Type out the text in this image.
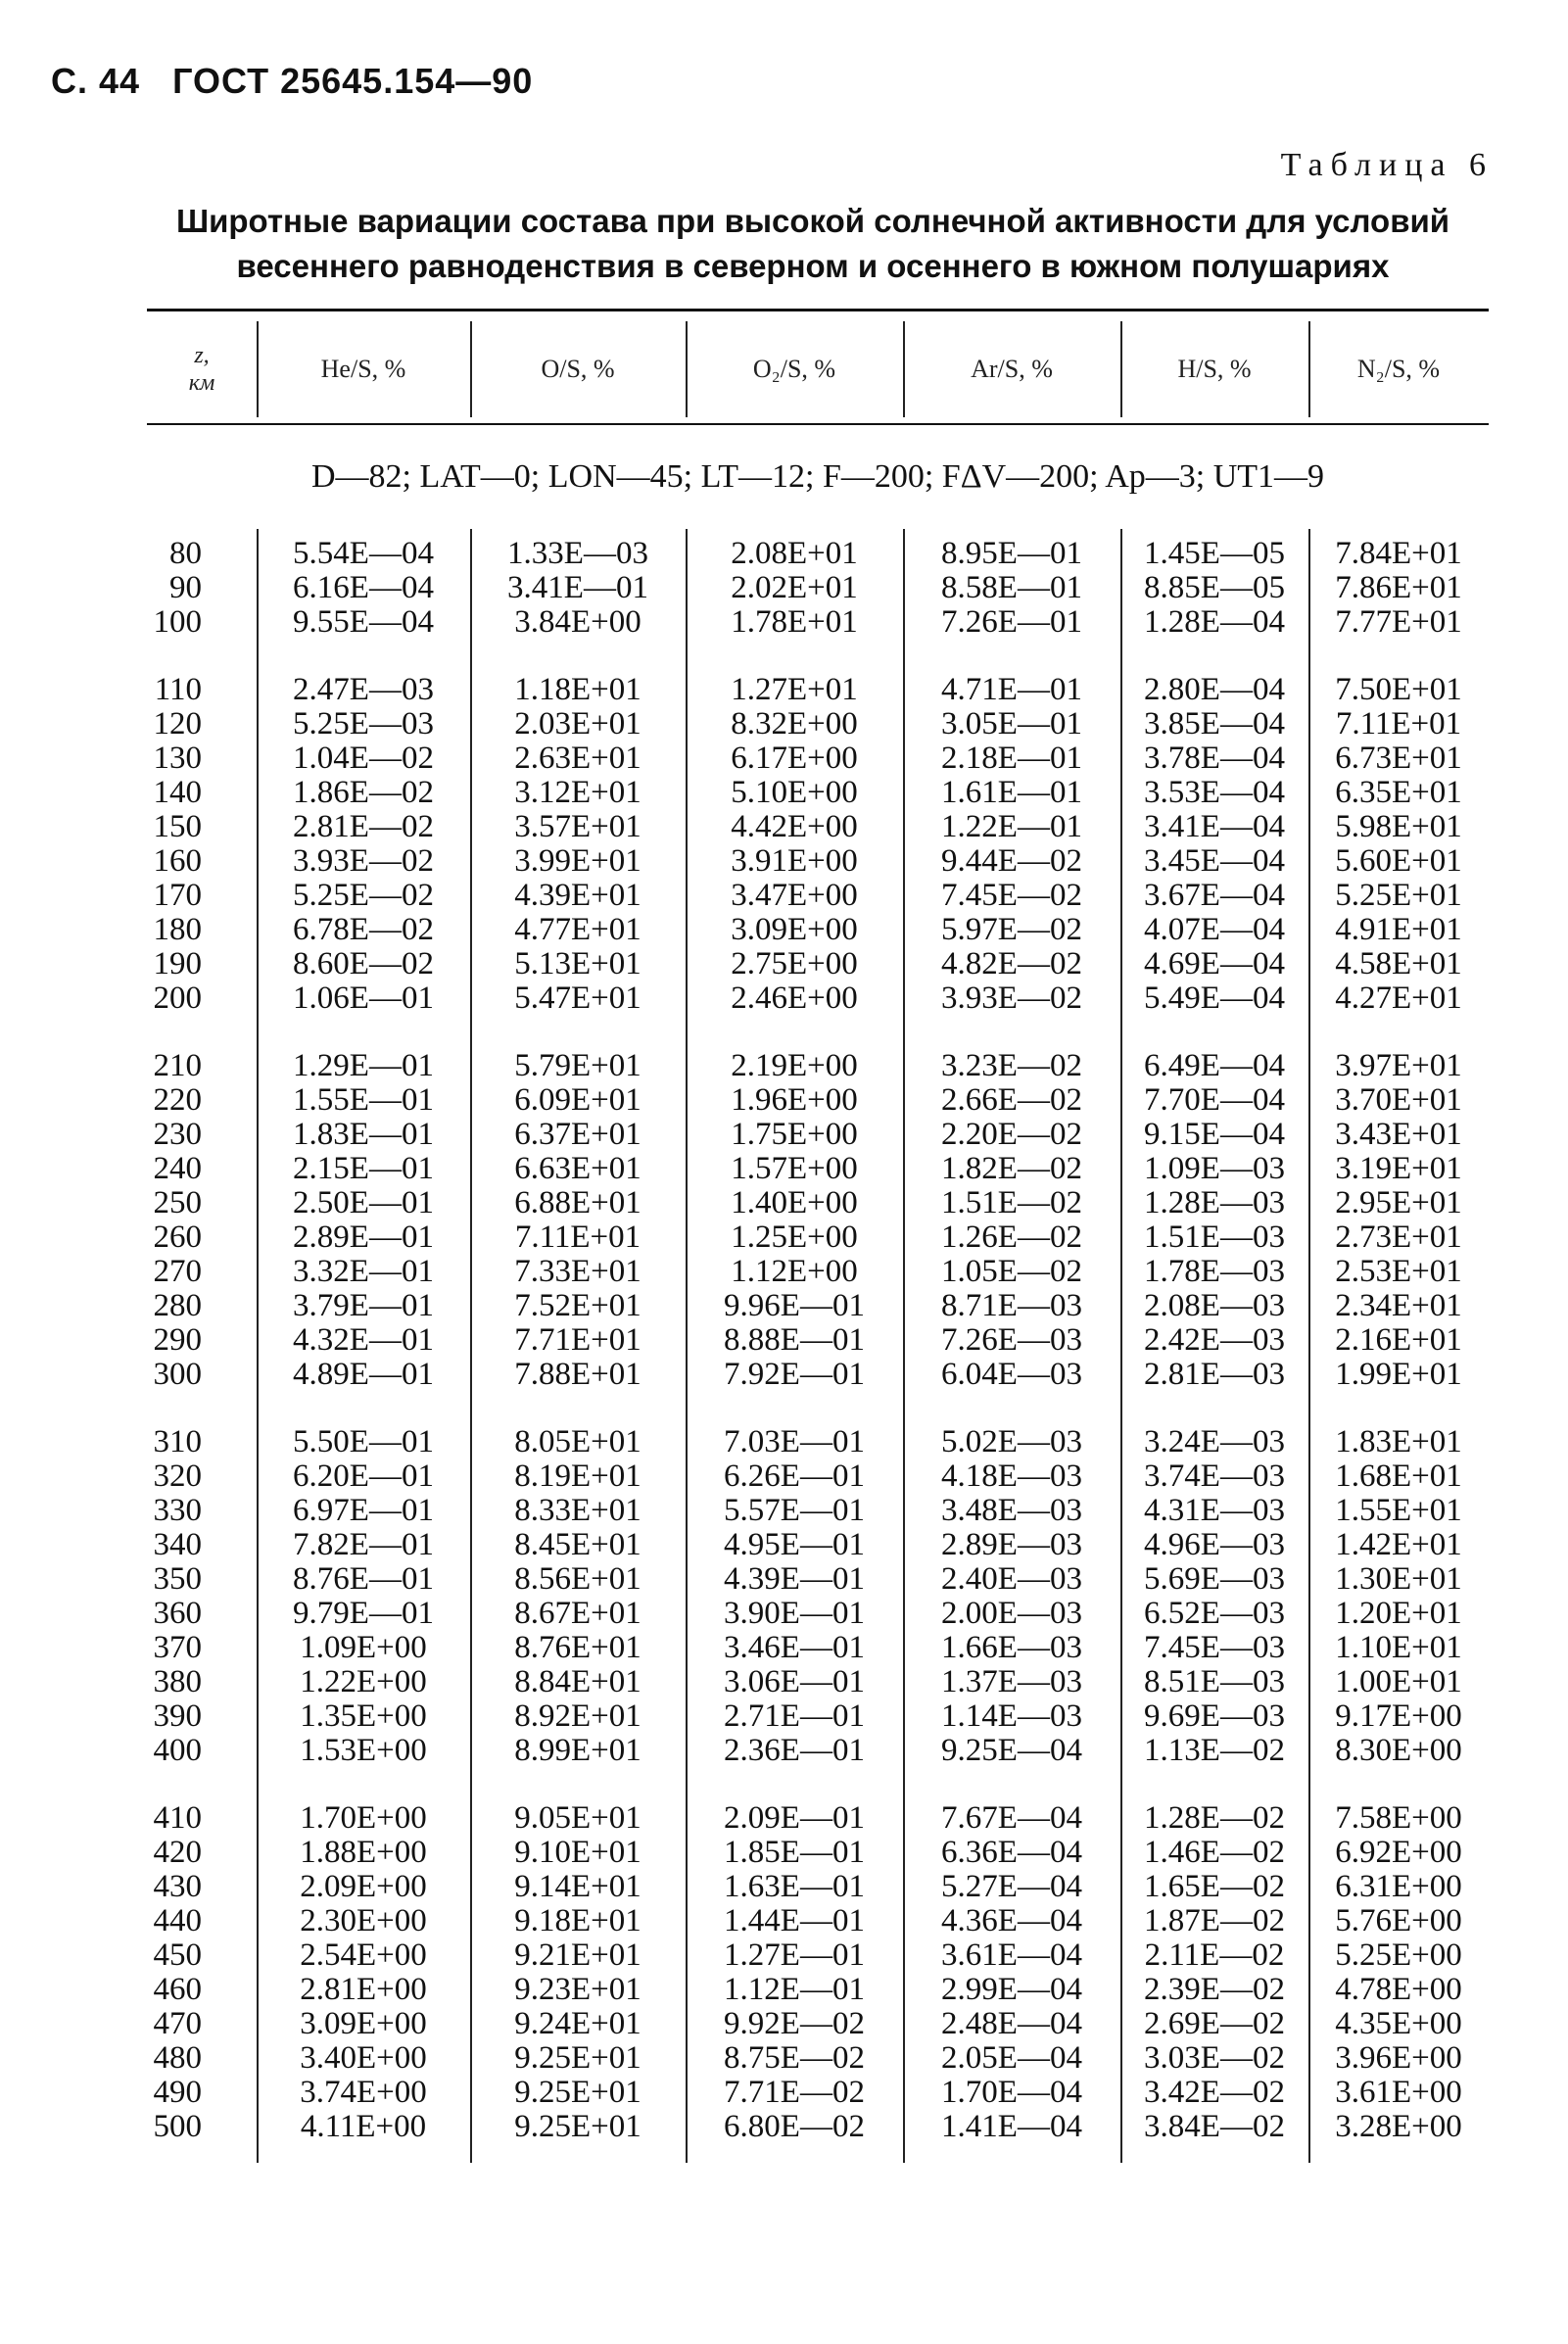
С. 44 ГОСТ 25645.154—90
Таблица 6
Широтные вариации состава при высокой солнечной активности для условий
весеннего равноденствия в северном и осеннего в южном полушариях
z,
км	He/S, %	O/S, %	O₂/S, %	Ar/S, %	H/S, %	N₂/S, %
D—82; LAT—0; LON—45; LT—12; F—200; FΔV—200; Ap—3; UT1—9
80	5.54E—04	1.33E—03	2.08E+01	8.95E—01	1.45E—05	7.84E+01
90	6.16E—04	3.41E—01	2.02E+01	8.58E—01	8.85E—05	7.86E+01
100	9.55E—04	3.84E+00	1.78E+01	7.26E—01	1.28E—04	7.77E+01
110	2.47E—03	1.18E+01	1.27E+01	4.71E—01	2.80E—04	7.50E+01
120	5.25E—03	2.03E+01	8.32E+00	3.05E—01	3.85E—04	7.11E+01
130	1.04E—02	2.63E+01	6.17E+00	2.18E—01	3.78E—04	6.73E+01
140	1.86E—02	3.12E+01	5.10E+00	1.61E—01	3.53E—04	6.35E+01
150	2.81E—02	3.57E+01	4.42E+00	1.22E—01	3.41E—04	5.98E+01
160	3.93E—02	3.99E+01	3.91E+00	9.44E—02	3.45E—04	5.60E+01
170	5.25E—02	4.39E+01	3.47E+00	7.45E—02	3.67E—04	5.25E+01
180	6.78E—02	4.77E+01	3.09E+00	5.97E—02	4.07E—04	4.91E+01
190	8.60E—02	5.13E+01	2.75E+00	4.82E—02	4.69E—04	4.58E+01
200	1.06E—01	5.47E+01	2.46E+00	3.93E—02	5.49E—04	4.27E+01
210	1.29E—01	5.79E+01	2.19E+00	3.23E—02	6.49E—04	3.97E+01
220	1.55E—01	6.09E+01	1.96E+00	2.66E—02	7.70E—04	3.70E+01
230	1.83E—01	6.37E+01	1.75E+00	2.20E—02	9.15E—04	3.43E+01
240	2.15E—01	6.63E+01	1.57E+00	1.82E—02	1.09E—03	3.19E+01
250	2.50E—01	6.88E+01	1.40E+00	1.51E—02	1.28E—03	2.95E+01
260	2.89E—01	7.11E+01	1.25E+00	1.26E—02	1.51E—03	2.73E+01
270	3.32E—01	7.33E+01	1.12E+00	1.05E—02	1.78E—03	2.53E+01
280	3.79E—01	7.52E+01	9.96E—01	8.71E—03	2.08E—03	2.34E+01
290	4.32E—01	7.71E+01	8.88E—01	7.26E—03	2.42E—03	2.16E+01
300	4.89E—01	7.88E+01	7.92E—01	6.04E—03	2.81E—03	1.99E+01
310	5.50E—01	8.05E+01	7.03E—01	5.02E—03	3.24E—03	1.83E+01
320	6.20E—01	8.19E+01	6.26E—01	4.18E—03	3.74E—03	1.68E+01
330	6.97E—01	8.33E+01	5.57E—01	3.48E—03	4.31E—03	1.55E+01
340	7.82E—01	8.45E+01	4.95E—01	2.89E—03	4.96E—03	1.42E+01
350	8.76E—01	8.56E+01	4.39E—01	2.40E—03	5.69E—03	1.30E+01
360	9.79E—01	8.67E+01	3.90E—01	2.00E—03	6.52E—03	1.20E+01
370	1.09E+00	8.76E+01	3.46E—01	1.66E—03	7.45E—03	1.10E+01
380	1.22E+00	8.84E+01	3.06E—01	1.37E—03	8.51E—03	1.00E+01
390	1.35E+00	8.92E+01	2.71E—01	1.14E—03	9.69E—03	9.17E+00
400	1.53E+00	8.99E+01	2.36E—01	9.25E—04	1.13E—02	8.30E+00
410	1.70E+00	9.05E+01	2.09E—01	7.67E—04	1.28E—02	7.58E+00
420	1.88E+00	9.10E+01	1.85E—01	6.36E—04	1.46E—02	6.92E+00
430	2.09E+00	9.14E+01	1.63E—01	5.27E—04	1.65E—02	6.31E+00
440	2.30E+00	9.18E+01	1.44E—01	4.36E—04	1.87E—02	5.76E+00
450	2.54E+00	9.21E+01	1.27E—01	3.61E—04	2.11E—02	5.25E+00
460	2.81E+00	9.23E+01	1.12E—01	2.99E—04	2.39E—02	4.78E+00
470	3.09E+00	9.24E+01	9.92E—02	2.48E—04	2.69E—02	4.35E+00
480	3.40E+00	9.25E+01	8.75E—02	2.05E—04	3.03E—02	3.96E+00
490	3.74E+00	9.25E+01	7.71E—02	1.70E—04	3.42E—02	3.61E+00
500	4.11E+00	9.25E+01	6.80E—02	1.41E—04	3.84E—02	3.28E+00
